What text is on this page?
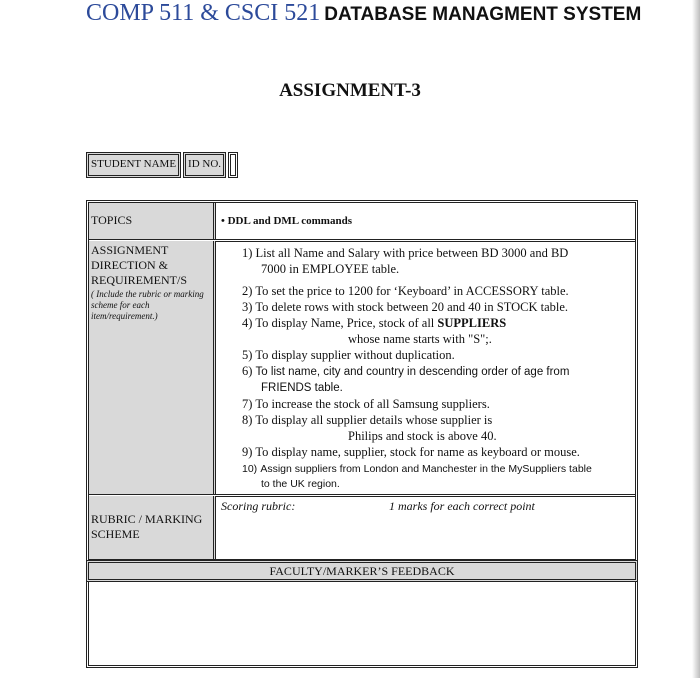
COMP 511 & CSCI 521 DATABASE MANAGMENT SYSTEM
ASSIGNMENT-3
STUDENT NAME	ID NO.
TOPICS	• DDL and DML commands
ASSIGNMENT DIRECTION & REQUIREMENT/S
( Include the rubric or marking scheme for each item/requirement.)
1) List all Name and Salary with price between BD 3000 and BD
7000 in EMPLOYEE table.
2) To set the price to 1200 for ‘Keyboard’ in ACCESSORY table.
3) To delete rows with stock between 20 and 40 in STOCK table.
4) To display Name, Price, stock of all SUPPLIERS
whose name starts with "S";.
5) To display supplier without duplication.
6) To list name, city and country in descending order of age from
FRIENDS table.
7) To increase the stock of all Samsung suppliers.
8) To display all supplier details whose supplier is
Philips and stock is above 40.
9) To display name, supplier, stock for name as keyboard or mouse.
10) Assign suppliers from London and Manchester in the MySuppliers table
to the UK region.
RUBRIC / MARKING SCHEME
Scoring rubric:	1 marks for each correct point
FACULTY/MARKER’S FEEDBACK
